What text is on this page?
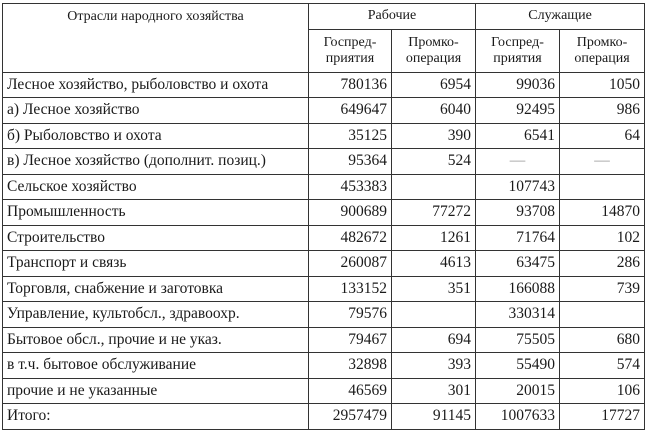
Отрасли народного хозяйства	Рабочие		Служащие	
	Госпред-приятия	Промко-операция	Госпред-приятия	Промко-операция
Лесное хозяйство, рыболовство и охота	780136	6954	99036	1050
а) Лесное хозяйство	649647	6040	92495	986
б) Рыболовство и охота	35125	390	6541	64
в) Лесное хозяйство (дополнит. позиц.)	95364	524	—	—
Сельское хозяйство	453383		107743	
Промышленность	900689	77272	93708	14870
Строительство	482672	1261	71764	102
Транспорт и связь	260087	4613	63475	286
Торговля, снабжение и заготовка	133152	351	166088	739
Управление, культобсл., здравоохр.	79576		330314	
Бытовое обсл., прочие и не указ.	79467	694	75505	680
в т.ч. бытовое обслуживание	32898	393	55490	574
прочие и не указанные	46569	301	20015	106
Итого:	2957479	91145	1007633	17727
